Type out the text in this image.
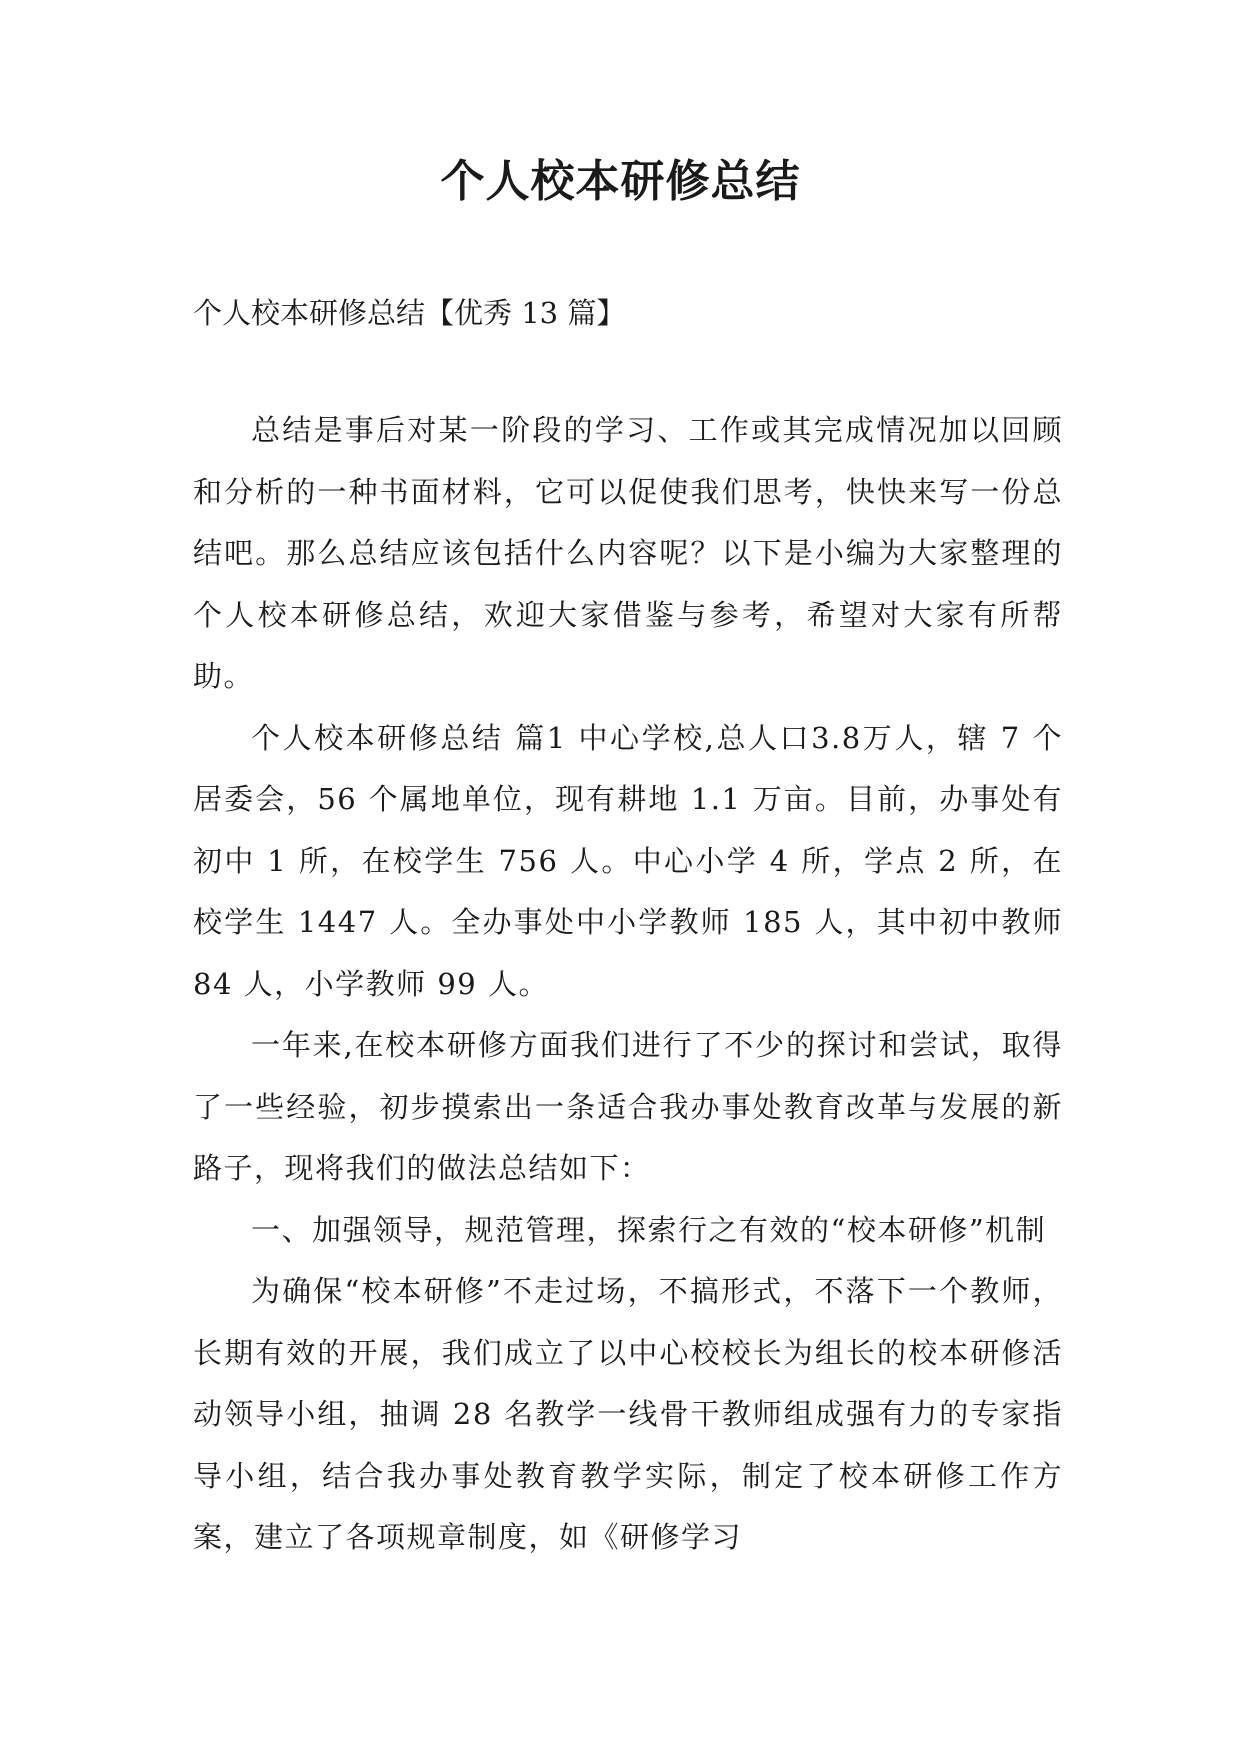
个人校本研修总结

个人校本研修总结【优秀 13 篇】

总结是事后对某一阶段的学习、工作或其完成情况加以回顾和分析的一种书面材料，它可以促使我们思考，快快来写一份总结吧。那么总结应该包括什么内容呢？以下是小编为大家整理的个人校本研修总结，欢迎大家借鉴与参考，希望对大家有所帮助。

个人校本研修总结 篇1 中心学校,总人口3.8万人，辖 7 个居委会，56 个属地单位，现有耕地 1.1 万亩。目前，办事处有初中 1 所，在校学生 756 人。中心小学 4 所，学点 2 所，在校学生 1447 人。全办事处中小学教师 185 人，其中初中教师 84 人，小学教师 99 人。

一年来,在校本研修方面我们进行了不少的探讨和尝试，取得了一些经验，初步摸索出一条适合我办事处教育改革与发展的新路子，现将我们的做法总结如下：

一、加强领导，规范管理，探索行之有效的“校本研修”机制

为确保“校本研修”不走过场，不搞形式，不落下一个教师，长期有效的开展，我们成立了以中心校校长为组长的校本研修活动领导小组，抽调 28 名教学一线骨干教师组成强有力的专家指导小组，结合我办事处教育教学实际，制定了校本研修工作方案，建立了各项规章制度，如《研修学习
